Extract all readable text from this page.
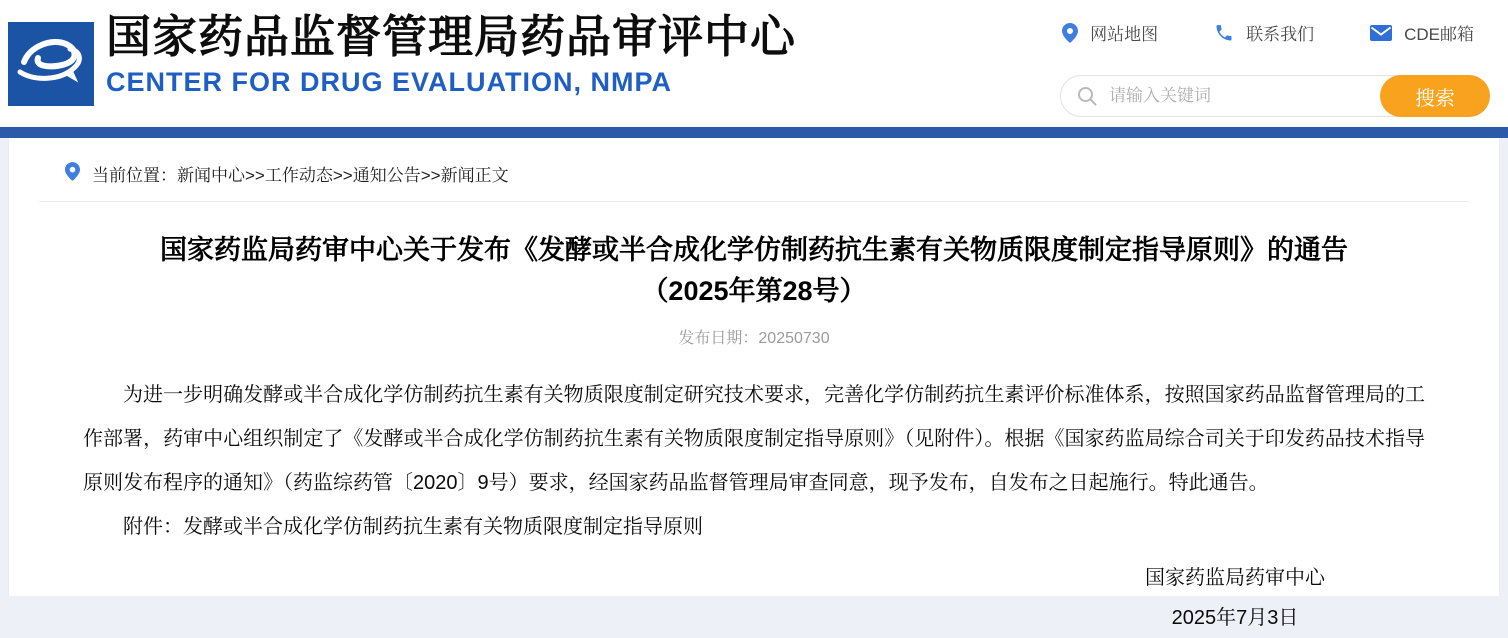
国家药品监督管理局药品审评中心
CENTER FOR DRUG EVALUATION, NMPA
网站地图	联系我们	CDE邮箱
请输入关键词
搜索
当前位置：新闻中心>>工作动态>>通知公告>>新闻正文
国家药监局药审中心关于发布《发酵或半合成化学仿制药抗生素有关物质限度制定指导原则》的通告
（2025年第28号）
发布日期：20250730

为进一步明确发酵或半合成化学仿制药抗生素有关物质限度制定研究技术要求，完善化学仿制药抗生素评价标准体系，按照国家药品监督管理局的工作部署，药审中心组织制定了《发酵或半合成化学仿制药抗生素有关物质限度制定指导原则》（见附件）。根据《国家药监局综合司关于印发药品技术指导原则发布程序的通知》（药监综药管〔2020〕9号）要求，经国家药品监督管理局审查同意，现予发布，自发布之日起施行。特此通告。

附件：发酵或半合成化学仿制药抗生素有关物质限度制定指导原则

国家药监局药审中心
2025年7月3日
